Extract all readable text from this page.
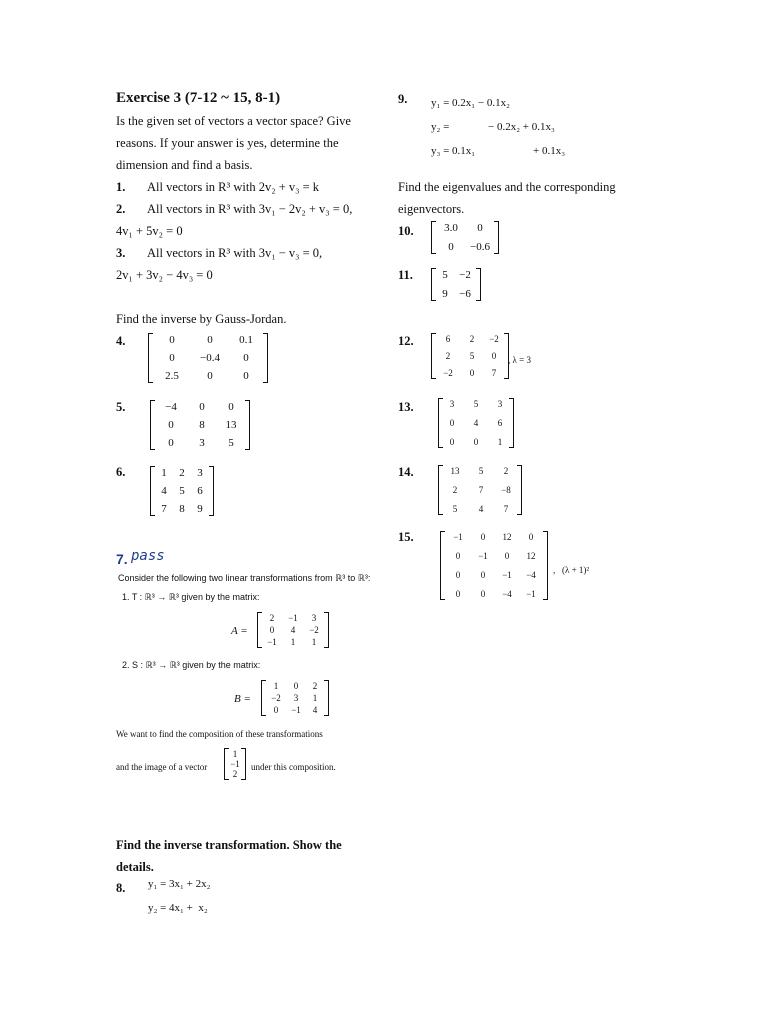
Exercise 3 (7-12 ~ 15, 8-1)
Is the given set of vectors a vector space? Give
reasons. If your answer is yes, determine the
dimension and find a basis.
1. All vectors in R³ with 2v₂ + v₃ = k
2. All vectors in R³ with 3v₁ − 2v₂ + v₃ = 0,
4v₁ + 5v₂ = 0
3. All vectors in R³ with 3v₁ − v₃ = 0,
2v₁ + 3v₂ − 4v₃ = 0
Find the inverse by Gauss-Jordan.
4.	0	0	0.1
0	−0.4	0
2.5	0	0
5.	−4	0	0
0	8	13
0	3	5
6.	1	2	3
4	5	6
7	8	9
7. pass
Consider the following two linear transformations from ℝ³ to ℝ³:
1. T : ℝ³ → ℝ³ given by the matrix:
A =
2	−1	3
0	4	−2
−1	1	1
2. S : ℝ³ → ℝ³ given by the matrix:
B =
1	0	2
−2	3	1
0	−1	4
We want to find the composition of these transformations
and the image of a vector
1
−1
2
under this composition.
Find the inverse transformation. Show the
details.
8. y₁ = 3x₁ + 2x₂
y₂ = 4x₁ +  x₂
9. y₁ = 0.2x₁ − 0.1x₂
y₂ =	− 0.2x₂ + 0.1x₃
y₃ = 0.1x₁	+ 0.1x₃
Find the eigenvalues and the corresponding
eigenvectors.
10.	3.0	0
0	−0.6
11.	5	−2
9	−6
12.	6	2	−2
2	5	0
−2	0	7
, λ = 3
13.	3	5	3
0	4	6
0	0	1
14.	13	5	2
2	7	−8
5	4	7
15.	−1	0	12	0
0	−1	0	12
0	0	−1	−4
0	0	−4	−1
,   (λ + 1)²
